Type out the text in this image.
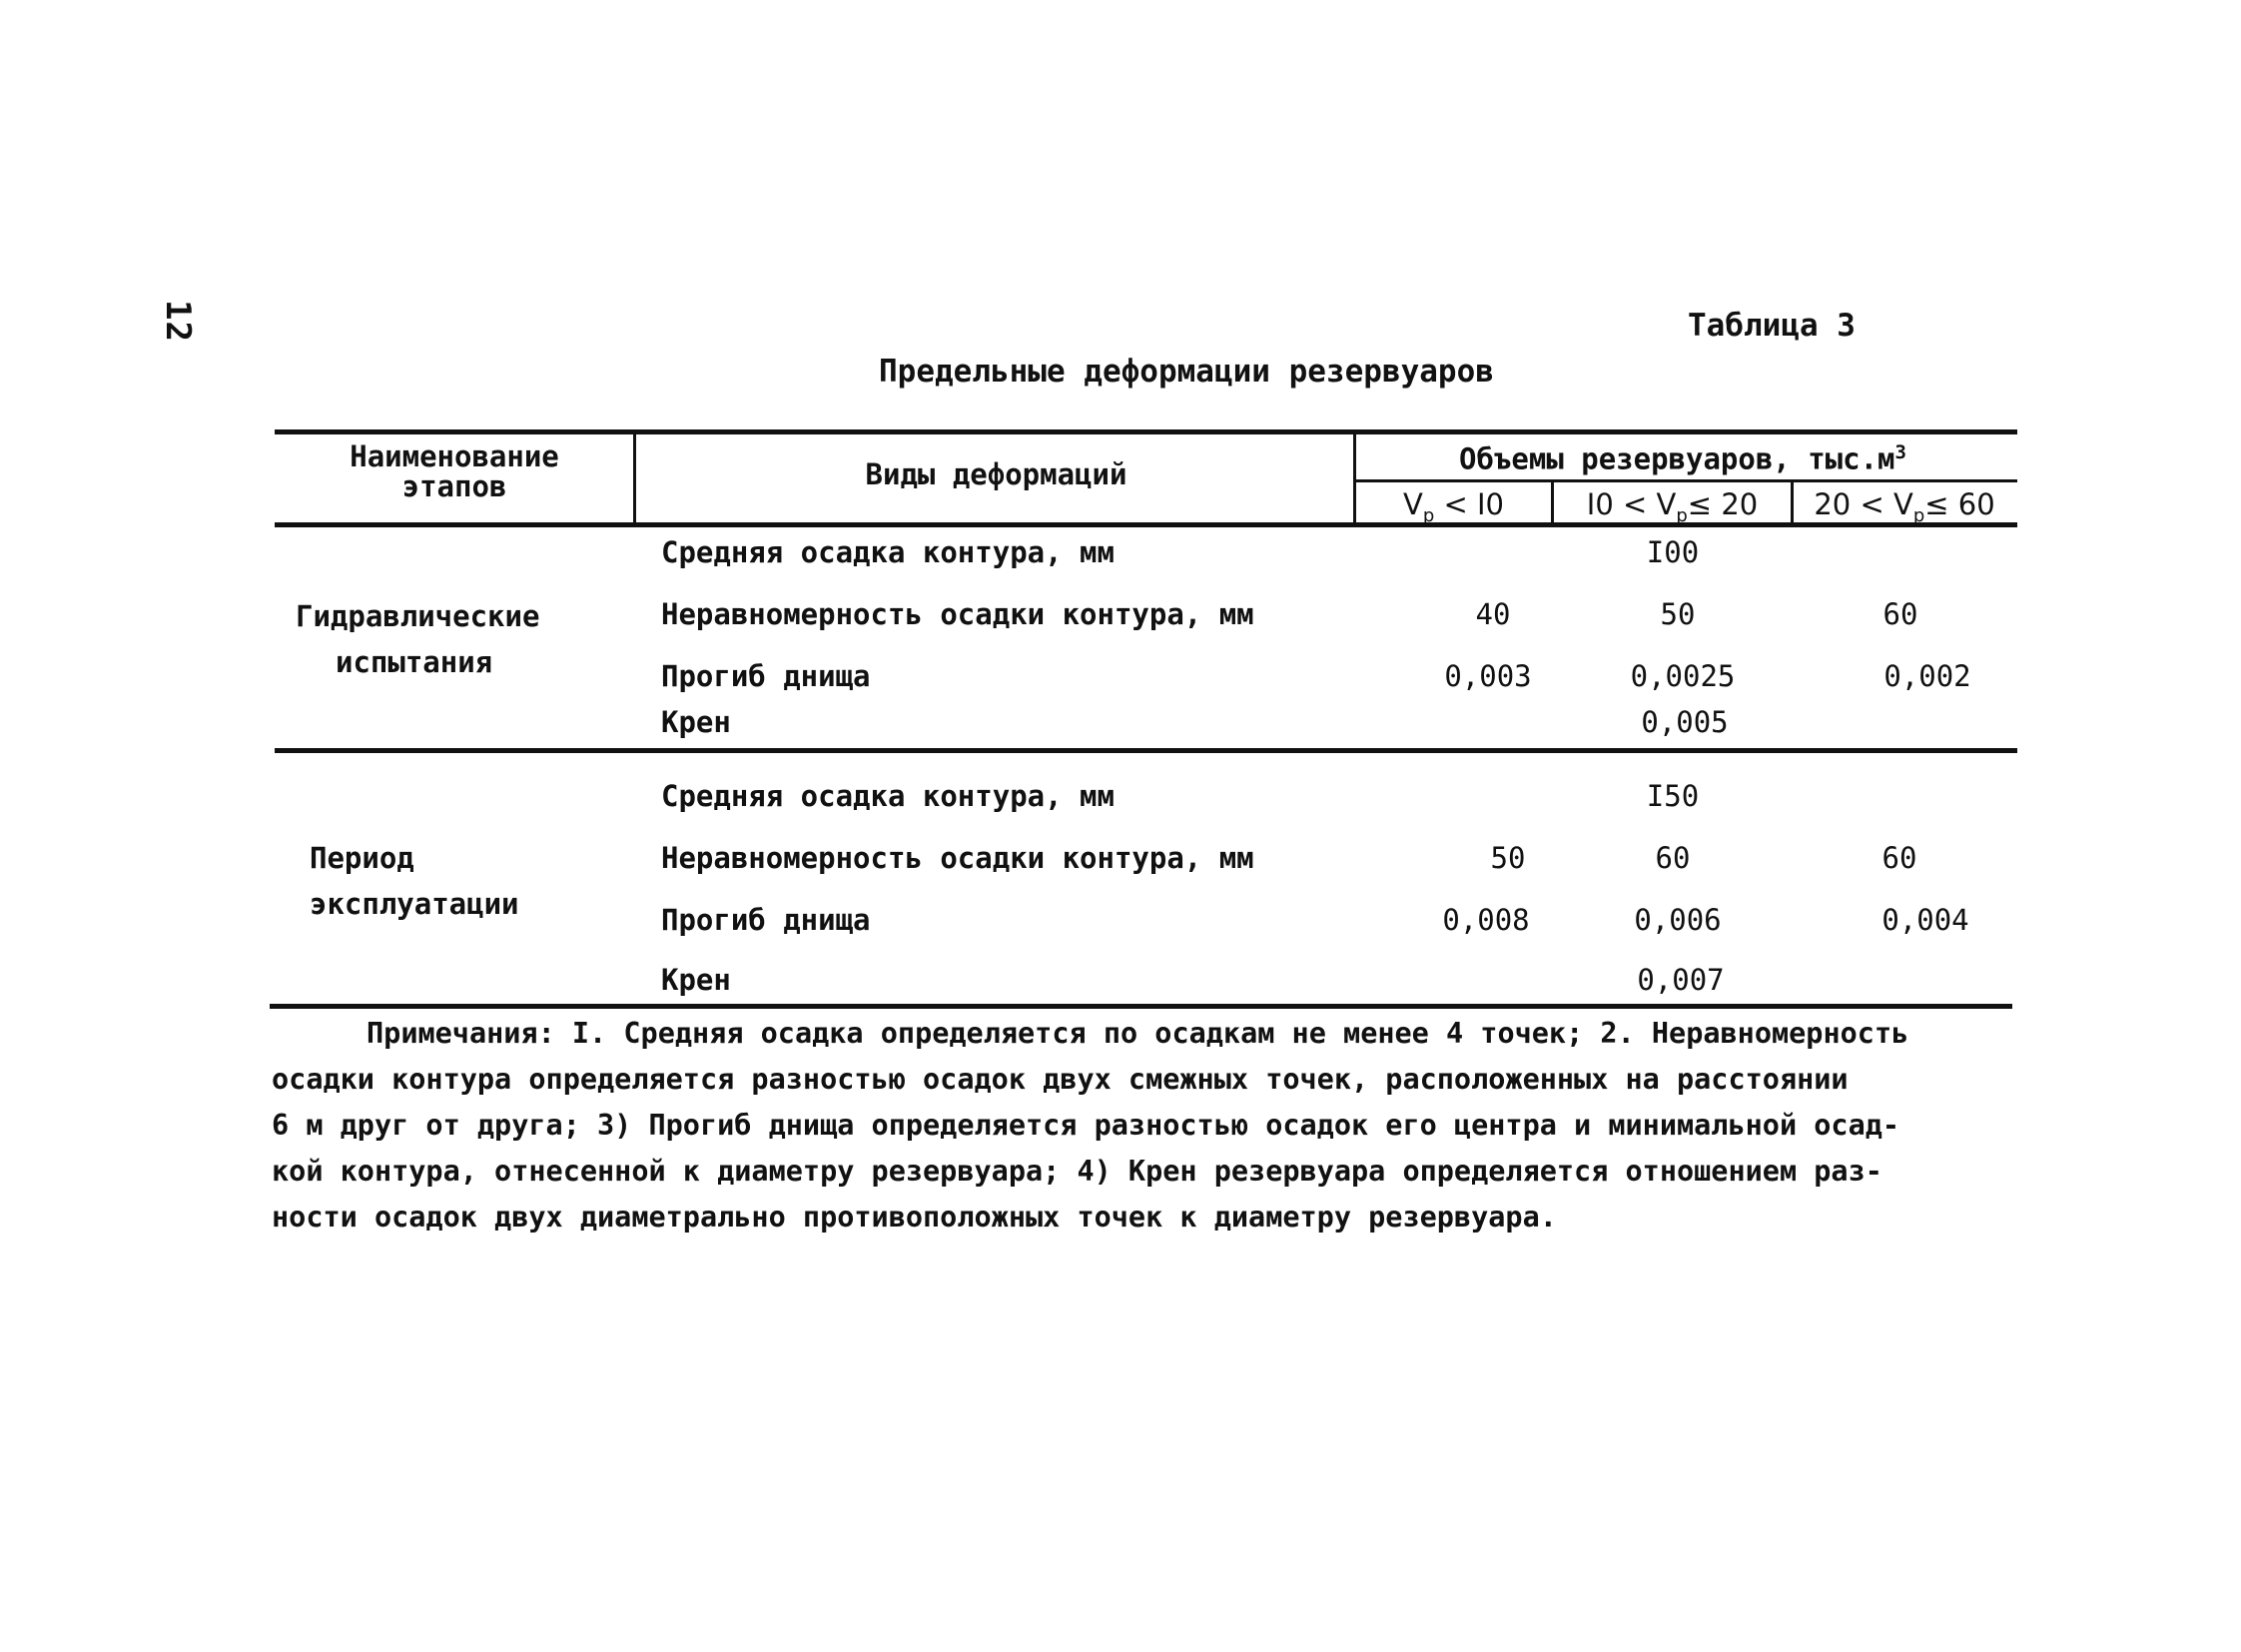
12	Таблица 3
Предельные деформации резервуаров
Наименование
этапов	Виды деформаций	Объемы резервуаров, $тыс.м^3$
$V_р < I0$	$I0 < V_р\le 20$	$20 < V_р\le 60$
Гидравлические
испытания
Средняя осадка контура, мм	I00
Неравномерность осадки контура, мм	40	50	60
Прогиб днища	0,003	0,0025	0,002
Крен	0,005
Период
эксплуатации
Средняя осадка контура, мм	I50
Неравномерность осадки контура, мм	50	60	60
Прогиб днища	0,008	0,006	0,004
Крен	0,007

Примечания: I. Средняя осадка определяется по осадкам не менее 4 точек; 2. Неравномерность

осадки контура определяется разностью осадок двух смежных точек, расположенных на расстоянии

6 м друг от друга; 3) Прогиб днища определяется разностью осадок его центра и минимальной осад-

кой контура, отнесенной к диаметру резервуара; 4) Крен резервуара определяется отношением раз-

ности осадок двух диаметрально противоположных точек к диаметру резервуара.
